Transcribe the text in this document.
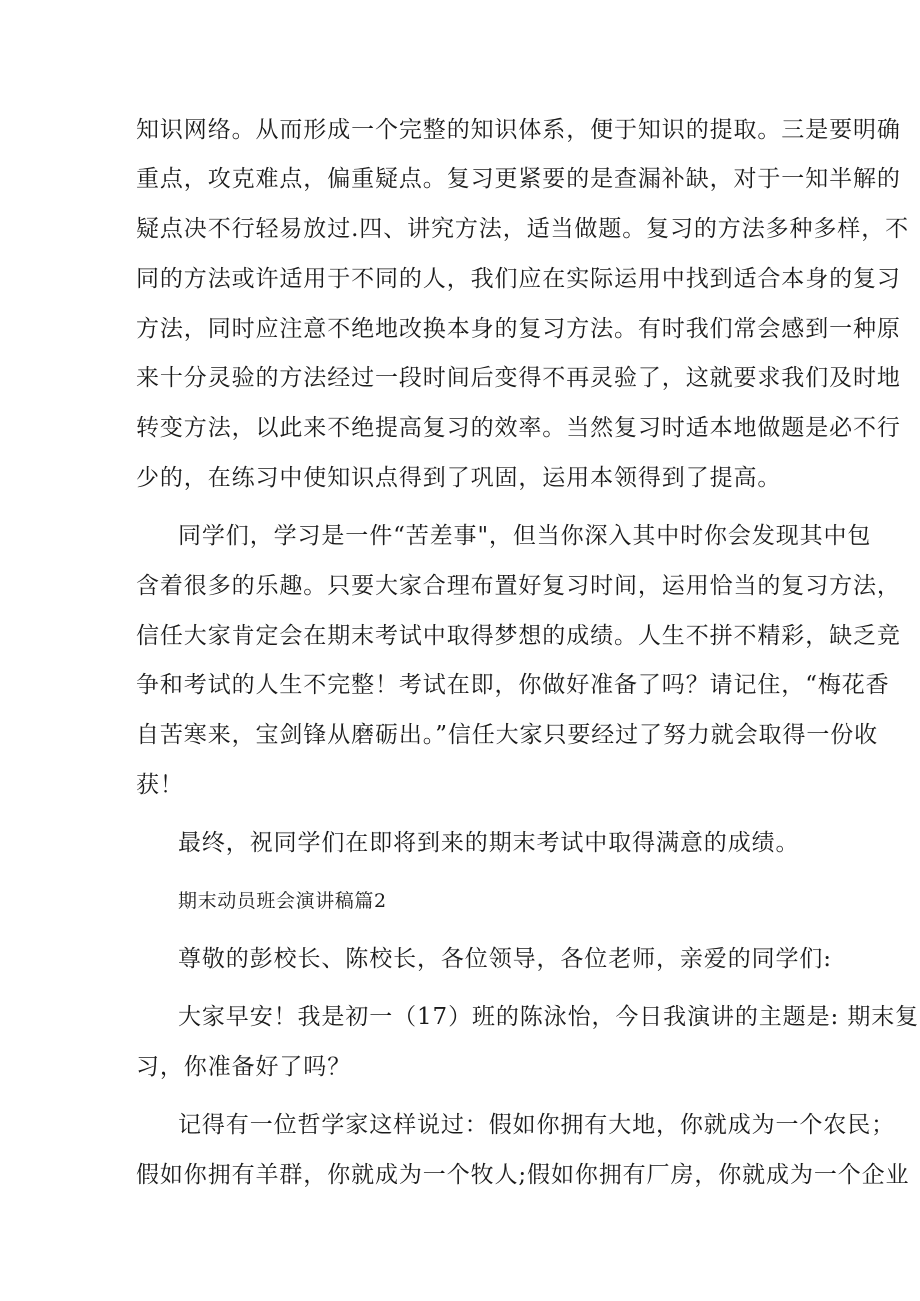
知识网络。从而形成一个完整的知识体系，便于知识的提取。三是要明确
重点，攻克难点，偏重疑点。复习更紧要的是查漏补缺，对于一知半解的
疑点决不行轻易放过.四、讲究方法，适当做题。复习的方法多种多样，不
同的方法或许适用于不同的人，我们应在实际运用中找到适合本身的复习
方法，同时应注意不绝地改换本身的复习方法。有时我们常会感到一种原
来十分灵验的方法经过一段时间后变得不再灵验了，这就要求我们及时地
转变方法，以此来不绝提高复习的效率。当然复习时适本地做题是必不行
少的，在练习中使知识点得到了巩固，运用本领得到了提高。
同学们，学习是一件“苦差事"，但当你深入其中时你会发现其中包
含着很多的乐趣。只要大家合理布置好复习时间，运用恰当的复习方法，
信任大家肯定会在期末考试中取得梦想的成绩。人生不拼不精彩，缺乏竞
争和考试的人生不完整！考试在即，你做好准备了吗？请记住，“梅花香
自苦寒来，宝剑锋从磨砺出。”信任大家只要经过了努力就会取得一份收
获！
最终，祝同学们在即将到来的期末考试中取得满意的成绩。
期末动员班会演讲稿篇2
尊敬的彭校长、陈校长，各位领导，各位老师，亲爱的同学们:
大家早安！我是初一（17）班的陈泳怡，今日我演讲的主题是: 期末复
习，你准备好了吗？
记得有一位哲学家这样说过：假如你拥有大地，你就成为一个农民；
假如你拥有羊群，你就成为一个牧人;假如你拥有厂房，你就成为一个企业
